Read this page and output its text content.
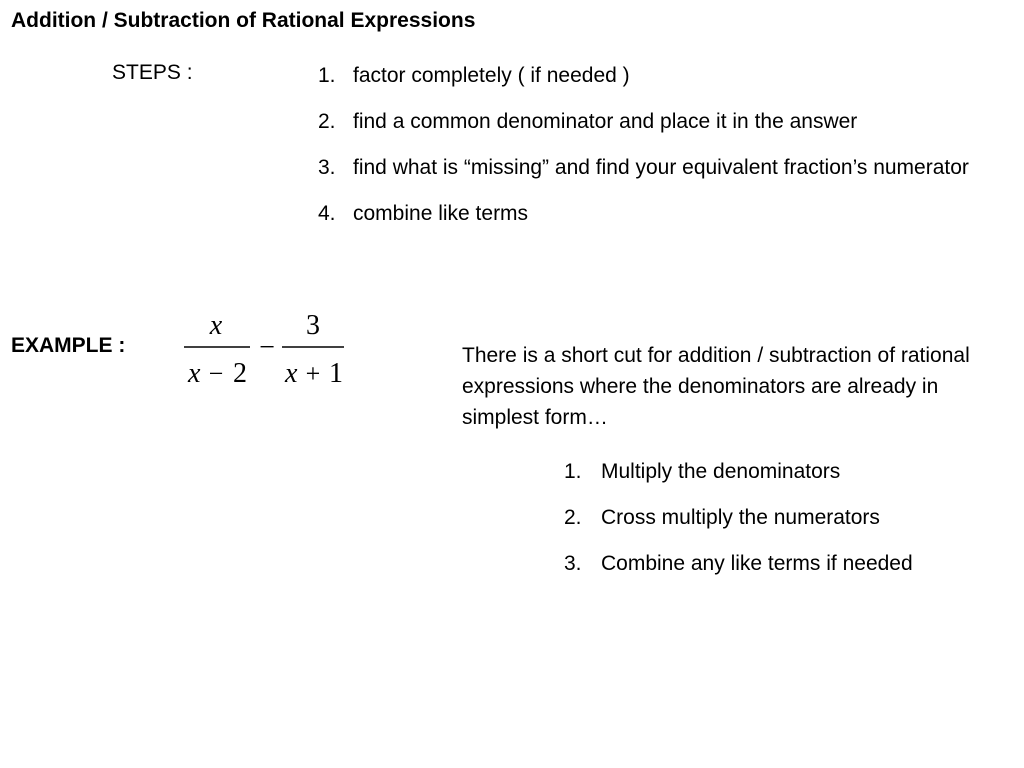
Addition / Subtraction of Rational Expressions
STEPS :	1. factor completely ( if needed )
2. find a common denominator and place it in the answer
3. find what is “missing” and find your equivalent fraction’s numerator
4. combine like terms
EXAMPLE :
x
x − 2
−
3
x + 1
There is a short cut for addition / subtraction of rational expressions where the denominators are already in simplest form…
1. Multiply the denominators
2. Cross multiply the numerators
3. Combine any like terms if needed
